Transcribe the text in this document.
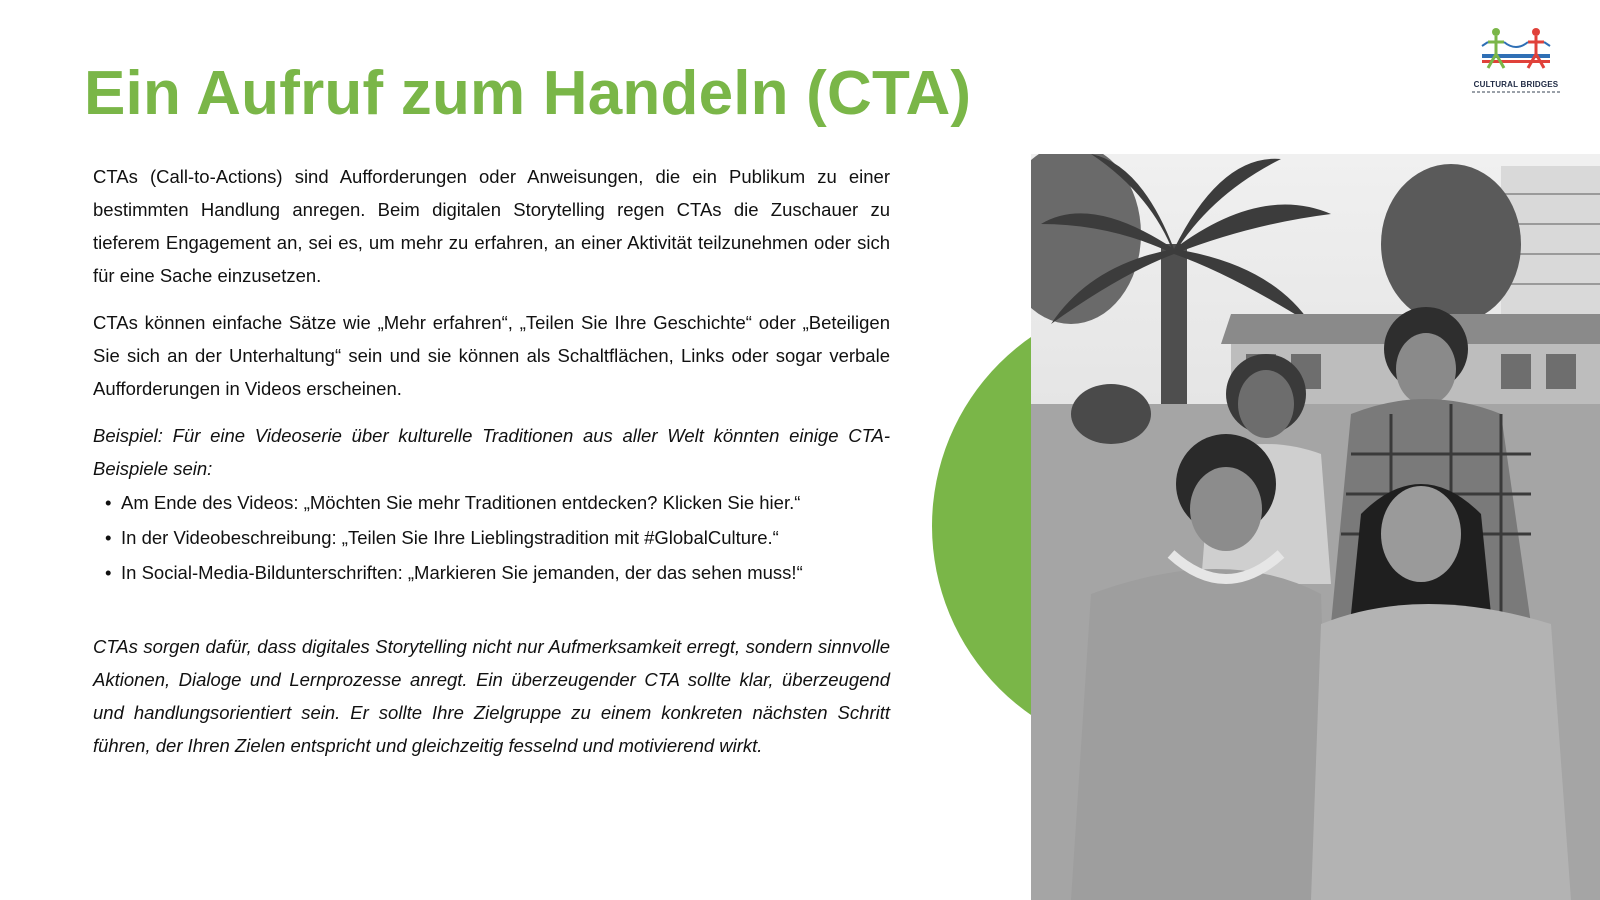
Ein Aufruf zum Handeln (CTA)	CULTURAL BRIDGES

CTAs (Call-to-Actions) sind Aufforderungen oder Anweisungen, die ein Publikum zu einer bestimmten Handlung anregen. Beim digitalen Storytelling regen CTAs die Zuschauer zu tieferem Engagement an, sei es, um mehr zu erfahren, an einer Aktivität teilzunehmen oder sich für eine Sache einzusetzen.

CTAs können einfache Sätze wie „Mehr erfahren“, „Teilen Sie Ihre Geschichte“ oder „Beteiligen Sie sich an der Unterhaltung“ sein und sie können als Schaltflächen, Links oder sogar verbale Aufforderungen in Videos erscheinen.

Beispiel: Für eine Videoserie über kulturelle Traditionen aus aller Welt könnten einige CTA-Beispiele sein:

• Am Ende des Videos: „Möchten Sie mehr Traditionen entdecken? Klicken Sie hier.“
• In der Videobeschreibung: „Teilen Sie Ihre Lieblingstradition mit #GlobalCulture.“
• In Social-Media-Bildunterschriften: „Markieren Sie jemanden, der das sehen muss!“

CTAs sorgen dafür, dass digitales Storytelling nicht nur Aufmerksamkeit erregt, sondern sinnvolle Aktionen, Dialoge und Lernprozesse anregt. Ein überzeugender CTA sollte klar, überzeugend und handlungsorientiert sein. Er sollte Ihre Zielgruppe zu einem konkreten nächsten Schritt führen, der Ihren Zielen entspricht und gleichzeitig fesselnd und motivierend wirkt.
